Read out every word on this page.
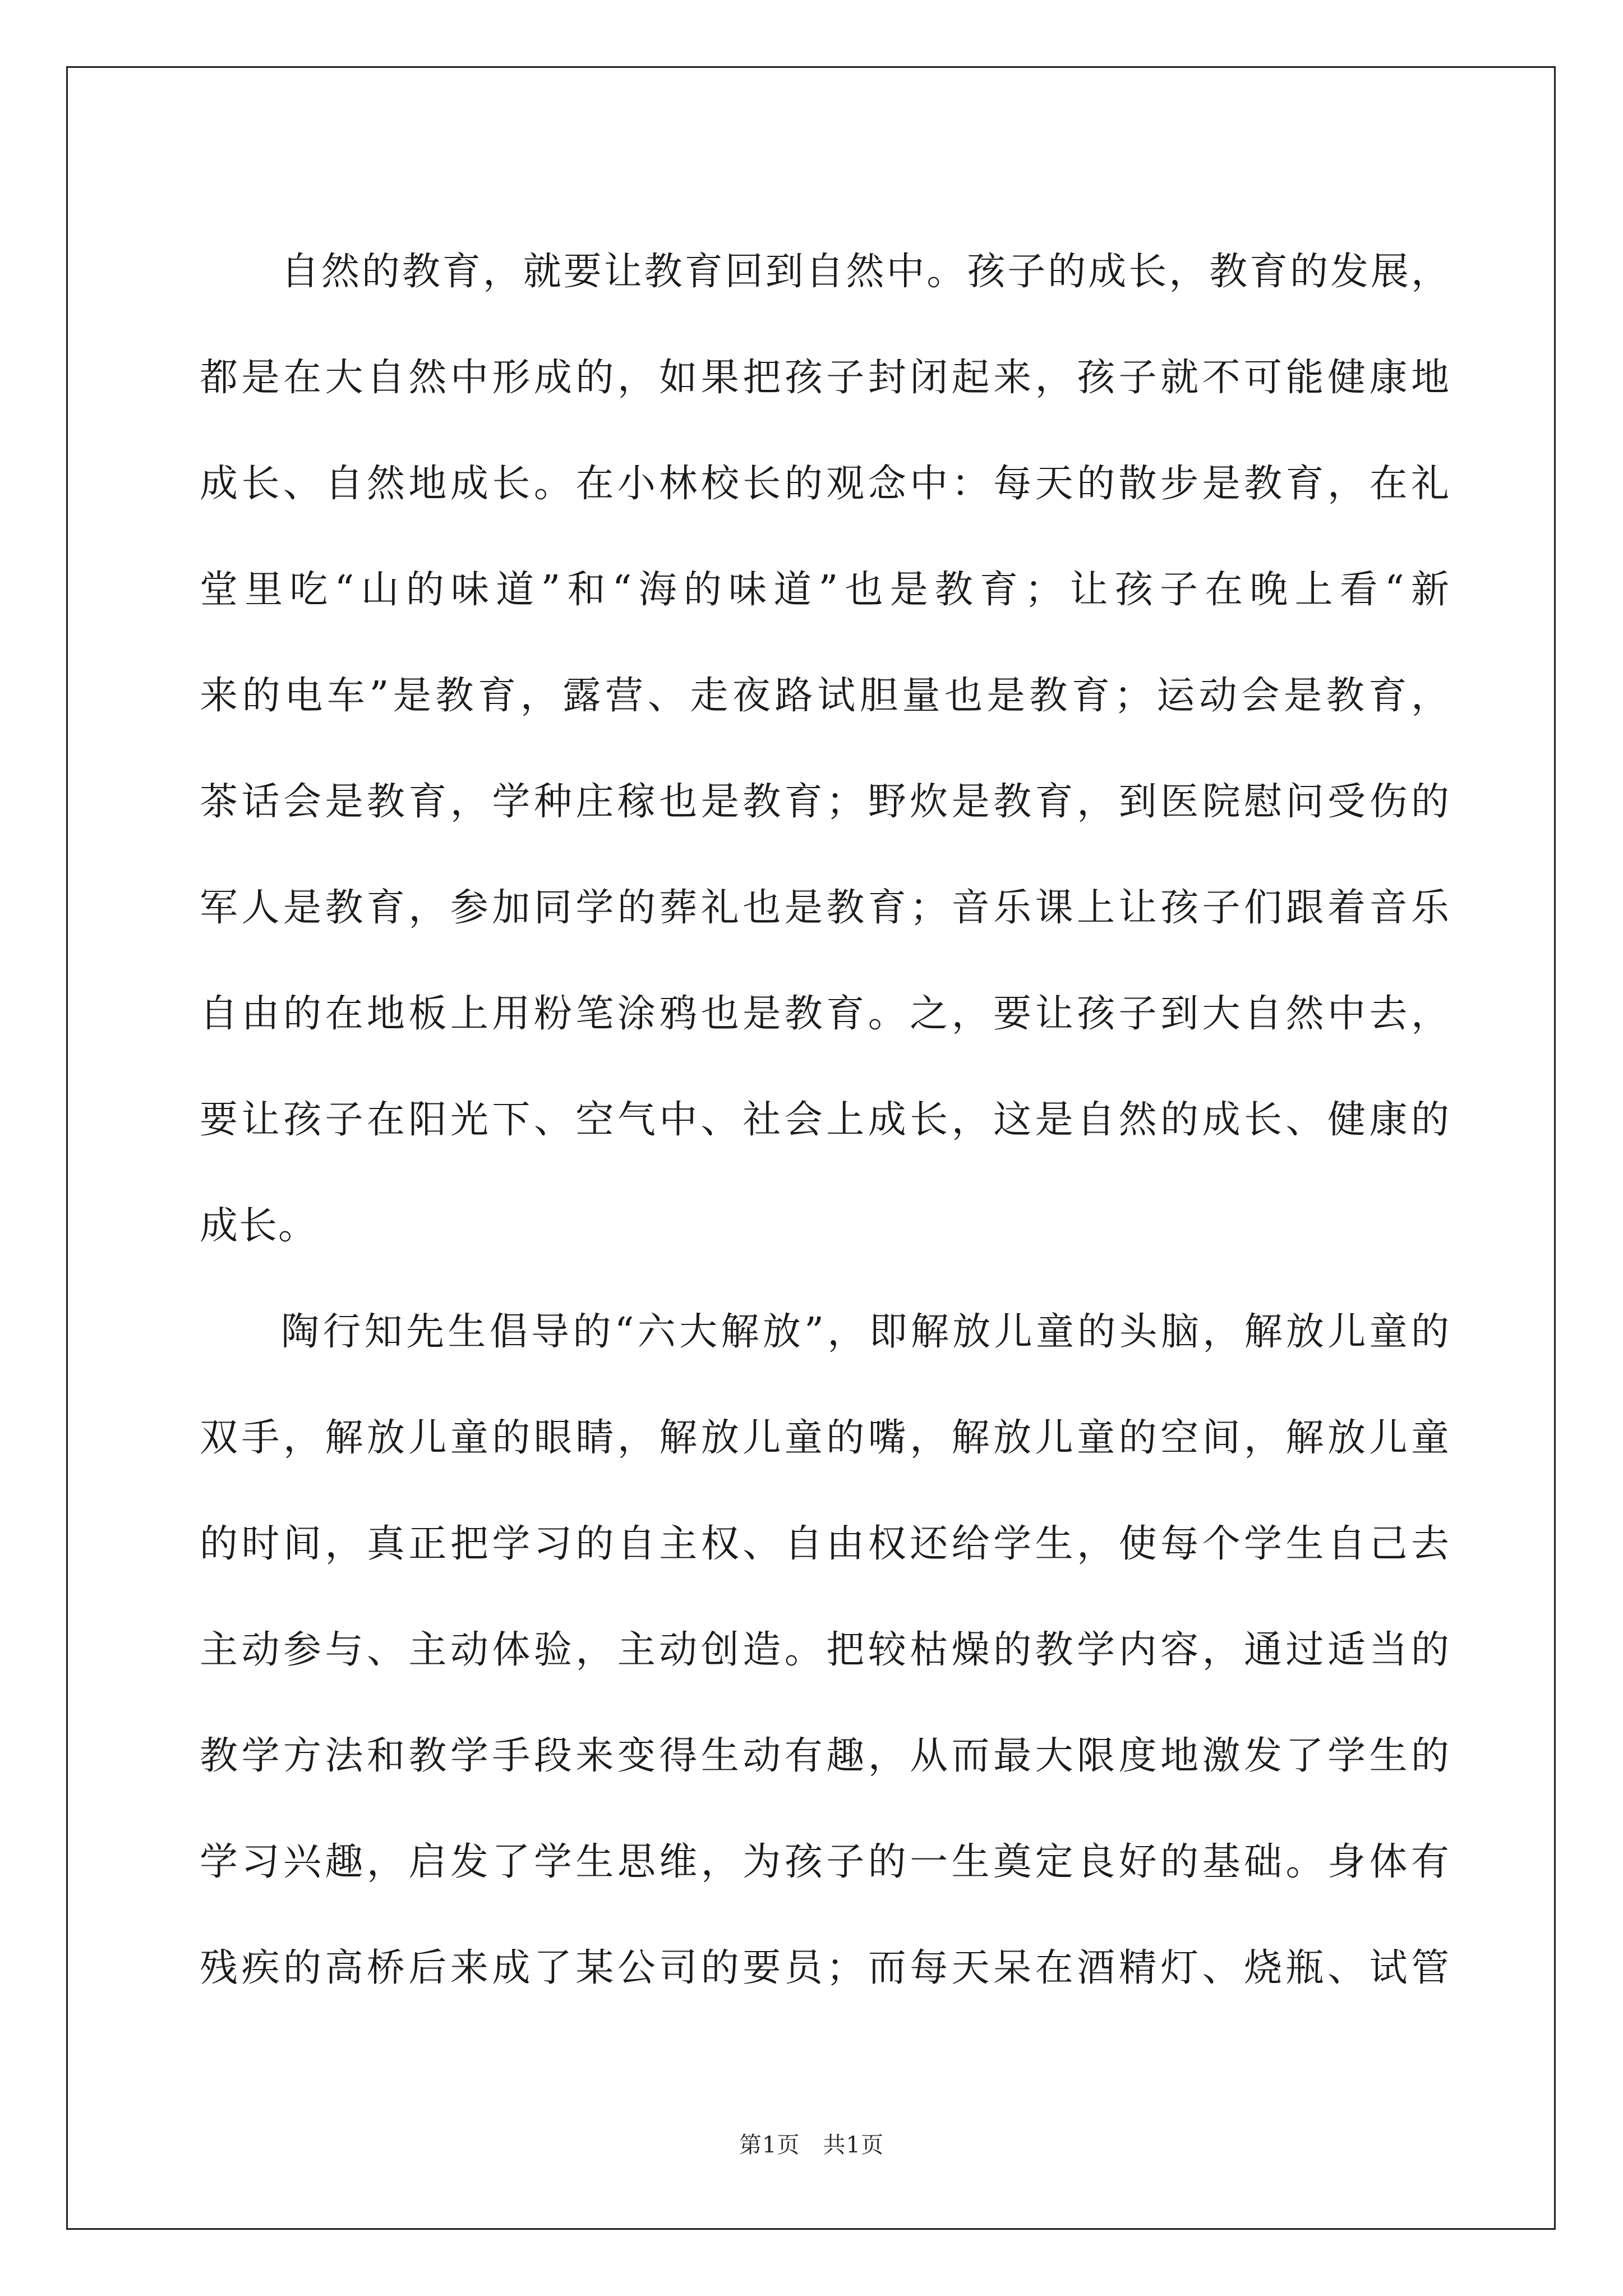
自然的教育，就要让教育回到自然中。孩子的成长，教育的发展，
都是在大自然中形成的，如果把孩子封闭起来，孩子就不可能健康地
成长、自然地成长。在小林校长的观念中：每天的散步是教育，在礼
堂里吃“山的味道”和“海的味道”也是教育；让孩子在晚上看“新
来的电车”是教育，露营、走夜路试胆量也是教育；运动会是教育，
茶话会是教育，学种庄稼也是教育；野炊是教育，到医院慰问受伤的
军人是教育，参加同学的葬礼也是教育；音乐课上让孩子们跟着音乐
自由的在地板上用粉笔涂鸦也是教育。之，要让孩子到大自然中去，
要让孩子在阳光下、空气中、社会上成长，这是自然的成长、健康的
成长。
陶行知先生倡导的“六大解放”，即解放儿童的头脑，解放儿童的
双手，解放儿童的眼睛，解放儿童的嘴，解放儿童的空间，解放儿童
的时间，真正把学习的自主权、自由权还给学生，使每个学生自己去
主动参与、主动体验，主动创造。把较枯燥的教学内容，通过适当的
教学方法和教学手段来变得生动有趣，从而最大限度地激发了学生的
学习兴趣，启发了学生思维，为孩子的一生奠定良好的基础。身体有
残疾的高桥后来成了某公司的要员；而每天呆在酒精灯、烧瓶、试管
第1页　共1页
